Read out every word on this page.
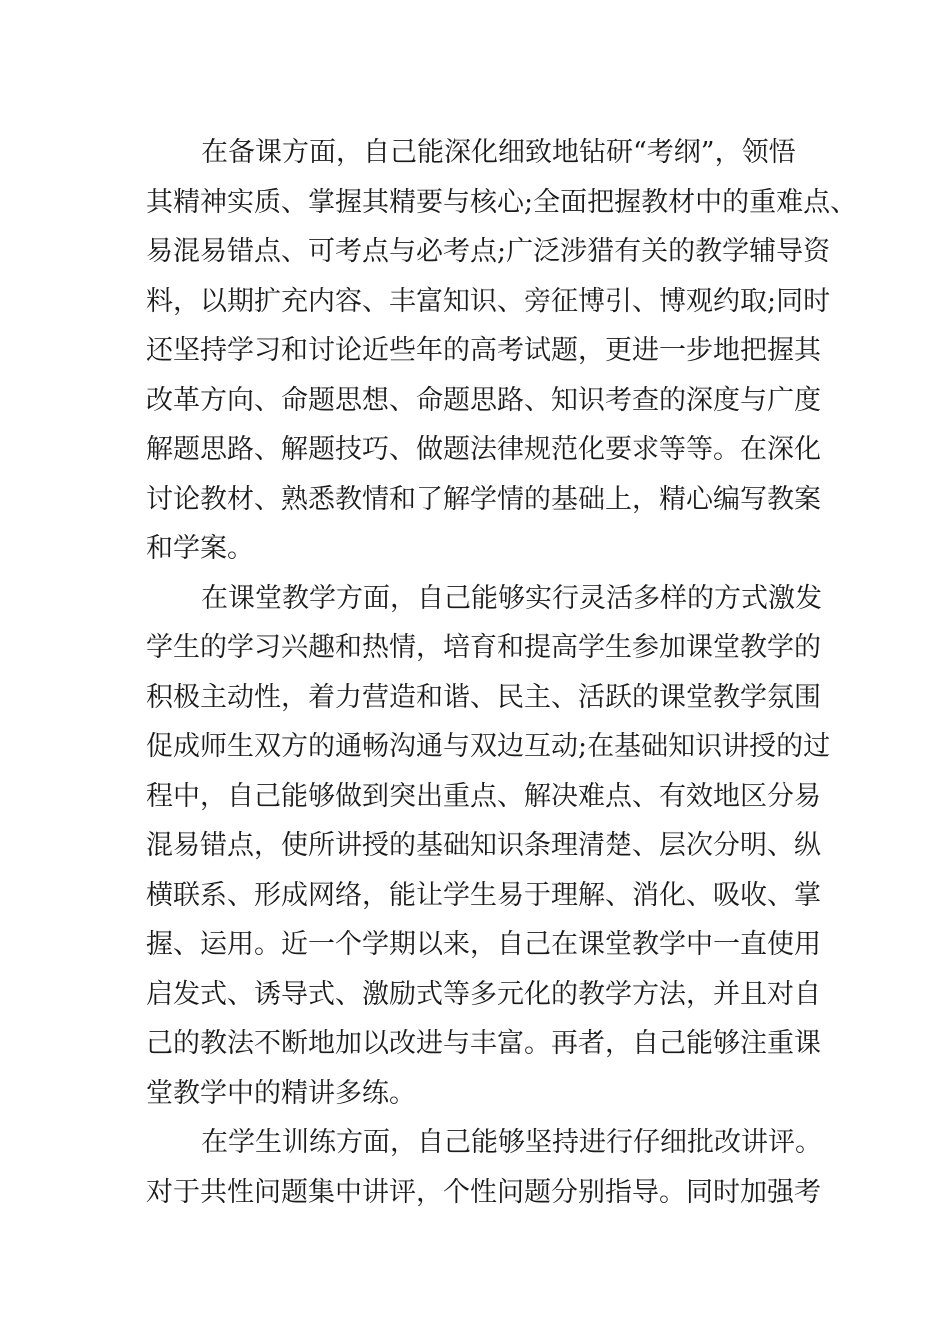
在备课方面，自己能深化细致地钻研“考纲”，领悟
其精神实质、掌握其精要与核心;全面把握教材中的重难点、
易混易错点、可考点与必考点;广泛涉猎有关的教学辅导资
料，以期扩充内容、丰富知识、旁征博引、博观约取;同时
还坚持学习和讨论近些年的高考试题，更进一步地把握其
改革方向、命题思想、命题思路、知识考查的深度与广度
解题思路、解题技巧、做题法律规范化要求等等。在深化
讨论教材、熟悉教情和了解学情的基础上，精心编写教案
和学案。
在课堂教学方面，自己能够实行灵活多样的方式激发
学生的学习兴趣和热情，培育和提高学生参加课堂教学的
积极主动性，着力营造和谐、民主、活跃的课堂教学氛围
促成师生双方的通畅沟通与双边互动;在基础知识讲授的过
程中，自己能够做到突出重点、解决难点、有效地区分易
混易错点，使所讲授的基础知识条理清楚、层次分明、纵
横联系、形成网络，能让学生易于理解、消化、吸收、掌
握、运用。近一个学期以来，自己在课堂教学中一直使用
启发式、诱导式、激励式等多元化的教学方法，并且对自
己的教法不断地加以改进与丰富。再者，自己能够注重课
堂教学中的精讲多练。
在学生训练方面，自己能够坚持进行仔细批改讲评。
对于共性问题集中讲评，个性问题分别指导。同时加强考
